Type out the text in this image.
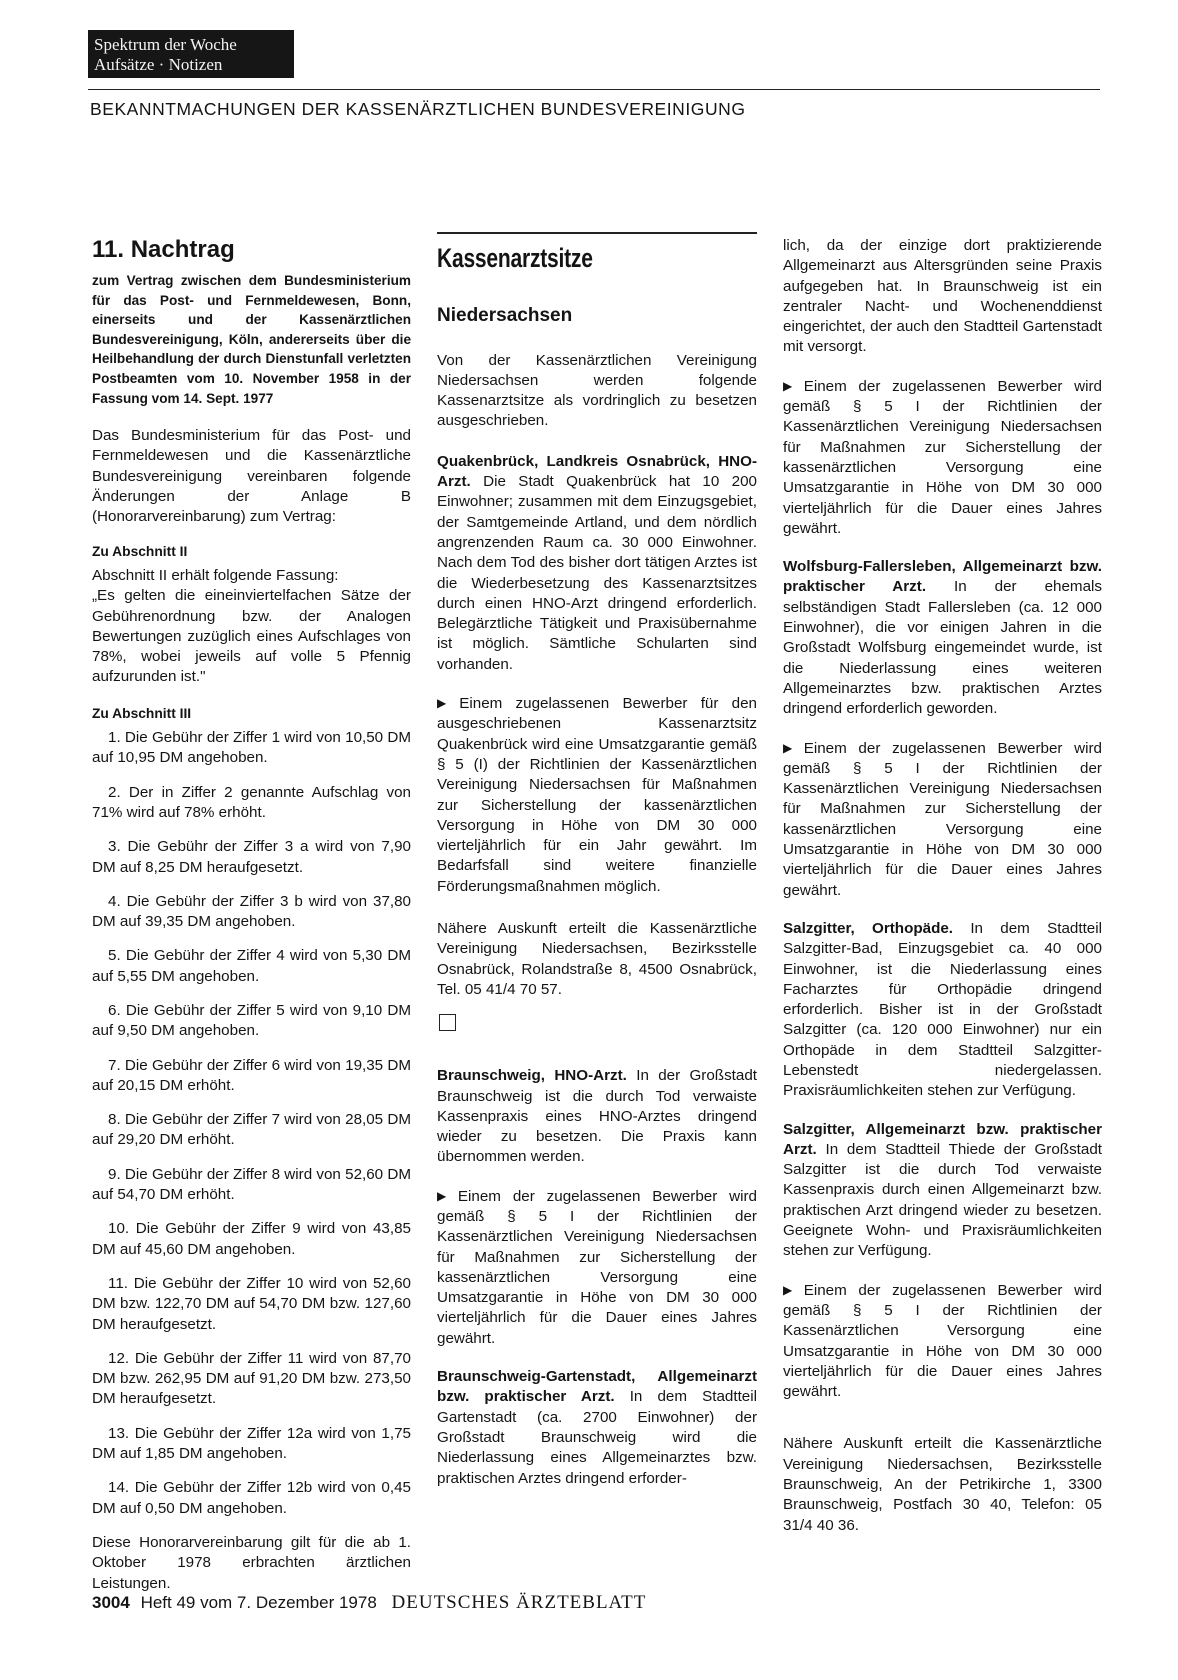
Spektrum der Woche
Aufsätze · Notizen
BEKANNTMACHUNGEN DER KASSENÄRZTLICHEN BUNDESVEREINIGUNG
11. Nachtrag
zum Vertrag zwischen dem Bundesministerium für das Post- und Fernmeldewesen, Bonn, einerseits und der Kassenärztlichen Bundesvereinigung, Köln, andererseits über die Heilbehandlung der durch Dienstunfall verletzten Postbeamten vom 10. November 1958 in der Fassung vom 14. Sept. 1977

Das Bundesministerium für das Post- und Fernmeldewesen und die Kassenärztliche Bundesvereinigung vereinbaren folgende Änderungen der Anlage B (Honorarvereinbarung) zum Vertrag:

Zu Abschnitt II
Abschnitt II erhält folgende Fassung:

„Es gelten die eineinviertelfachen Sätze der Gebührenordnung bzw. der Analogen Bewertungen zuzüglich eines Aufschlages von 78%, wobei jeweils auf volle 5 Pfennig aufzurunden ist."

Zu Abschnitt III

1. Die Gebühr der Ziffer 1 wird von 10,50 DM auf 10,95 DM angehoben.

2. Der in Ziffer 2 genannte Aufschlag von 71% wird auf 78% erhöht.

3. Die Gebühr der Ziffer 3 a wird von 7,90 DM auf 8,25 DM heraufgesetzt.

4. Die Gebühr der Ziffer 3 b wird von 37,80 DM auf 39,35 DM angehoben.

5. Die Gebühr der Ziffer 4 wird von 5,30 DM auf 5,55 DM angehoben.

6. Die Gebühr der Ziffer 5 wird von 9,10 DM auf 9,50 DM angehoben.

7. Die Gebühr der Ziffer 6 wird von 19,35 DM auf 20,15 DM erhöht.

8. Die Gebühr der Ziffer 7 wird von 28,05 DM auf 29,20 DM erhöht.

9. Die Gebühr der Ziffer 8 wird von 52,60 DM auf 54,70 DM erhöht.

10. Die Gebühr der Ziffer 9 wird von 43,85 DM auf 45,60 DM angehoben.

11. Die Gebühr der Ziffer 10 wird von 52,60 DM bzw. 122,70 DM auf 54,70 DM bzw. 127,60 DM heraufgesetzt.

12. Die Gebühr der Ziffer 11 wird von 87,70 DM bzw. 262,95 DM auf 91,20 DM bzw. 273,50 DM heraufgesetzt.

13. Die Gebühr der Ziffer 12a wird von 1,75 DM auf 1,85 DM angehoben.

14. Die Gebühr der Ziffer 12b wird von 0,45 DM auf 0,50 DM angehoben.

Diese Honorarvereinbarung gilt für die ab 1. Oktober 1978 erbrachten ärztlichen Leistungen.

Kassenarztsitze
Niedersachsen

Von der Kassenärztlichen Vereinigung Niedersachsen werden folgende Kassenarztsitze als vordringlich zu besetzen ausgeschrieben.

Quakenbrück, Landkreis Osnabrück, HNO-Arzt. Die Stadt Quakenbrück hat 10 200 Einwohner; zusammen mit dem Einzugsgebiet, der Samtgemeinde Artland, und dem nördlich angrenzenden Raum ca. 30 000 Einwohner. Nach dem Tod des bisher dort tätigen Arztes ist die Wiederbesetzung des Kassenarztsitzes durch einen HNO-Arzt dringend erforderlich. Belegärztliche Tätigkeit und Praxisübernahme ist möglich. Sämtliche Schularten sind vorhanden.

▶ Einem zugelassenen Bewerber für den ausgeschriebenen Kassenarztsitz Quakenbrück wird eine Umsatzgarantie gemäß § 5 (I) der Richtlinien der Kassenärztlichen Vereinigung Niedersachsen für Maßnahmen zur Sicherstellung der kassenärztlichen Versorgung in Höhe von DM 30 000 vierteljährlich für ein Jahr gewährt. Im Bedarfsfall sind weitere finanzielle Förderungsmaßnahmen möglich.

Nähere Auskunft erteilt die Kassenärztliche Vereinigung Niedersachsen, Bezirksstelle Osnabrück, Rolandstraße 8, 4500 Osnabrück, Tel. 05 41/4 70 57.

Braunschweig, HNO-Arzt. In der Großstadt Braunschweig ist die durch Tod verwaiste Kassenpraxis eines HNO-Arztes dringend wieder zu besetzen. Die Praxis kann übernommen werden.

▶ Einem der zugelassenen Bewerber wird gemäß § 5 I der Richtlinien der Kassenärztlichen Vereinigung Niedersachsen für Maßnahmen zur Sicherstellung der kassenärztlichen Versorgung eine Umsatzgarantie in Höhe von DM 30 000 vierteljährlich für die Dauer eines Jahres gewährt.

Braunschweig-Gartenstadt, Allgemeinarzt bzw. praktischer Arzt. In dem Stadtteil Gartenstadt (ca. 2700 Einwohner) der Großstadt Braunschweig wird die Niederlassung eines Allgemeinarztes bzw. praktischen Arztes dringend erforder-

lich, da der einzige dort praktizierende Allgemeinarzt aus Altersgründen seine Praxis aufgegeben hat. In Braunschweig ist ein zentraler Nacht- und Wochenenddienst eingerichtet, der auch den Stadtteil Gartenstadt mit versorgt.

▶ Einem der zugelassenen Bewerber wird gemäß § 5 I der Richtlinien der Kassenärztlichen Vereinigung Niedersachsen für Maßnahmen zur Sicherstellung der kassenärztlichen Versorgung eine Umsatzgarantie in Höhe von DM 30 000 vierteljährlich für die Dauer eines Jahres gewährt.

Wolfsburg-Fallersleben, Allgemeinarzt bzw. praktischer Arzt. In der ehemals selbständigen Stadt Fallersleben (ca. 12 000 Einwohner), die vor einigen Jahren in die Großstadt Wolfsburg eingemeindet wurde, ist die Niederlassung eines weiteren Allgemeinarztes bzw. praktischen Arztes dringend erforderlich geworden.

▶ Einem der zugelassenen Bewerber wird gemäß § 5 I der Richtlinien der Kassenärztlichen Vereinigung Niedersachsen für Maßnahmen zur Sicherstellung der kassenärztlichen Versorgung eine Umsatzgarantie in Höhe von DM 30 000 vierteljährlich für die Dauer eines Jahres gewährt.

Salzgitter, Orthopäde. In dem Stadtteil Salzgitter-Bad, Einzugsgebiet ca. 40 000 Einwohner, ist die Niederlassung eines Facharztes für Orthopädie dringend erforderlich. Bisher ist in der Großstadt Salzgitter (ca. 120 000 Einwohner) nur ein Orthopäde in dem Stadtteil Salzgitter-Lebenstedt niedergelassen. Praxisräumlichkeiten stehen zur Verfügung.

Salzgitter, Allgemeinarzt bzw. praktischer Arzt. In dem Stadtteil Thiede der Großstadt Salzgitter ist die durch Tod verwaiste Kassenpraxis durch einen Allgemeinarzt bzw. praktischen Arzt dringend wieder zu besetzen. Geeignete Wohn- und Praxisräumlichkeiten stehen zur Verfügung.

▶ Einem der zugelassenen Bewerber wird gemäß § 5 I der Richtlinien der Kassenärztlichen Versorgung eine Umsatzgarantie in Höhe von DM 30 000 vierteljährlich für die Dauer eines Jahres gewährt.

Nähere Auskunft erteilt die Kassenärztliche Vereinigung Niedersachsen, Bezirksstelle Braunschweig, An der Petrikirche 1, 3300 Braunschweig, Postfach 30 40, Telefon: 05 31/4 40 36.

3004 Heft 49 vom 7. Dezember 1978 DEUTSCHES ÄRZTEBLATT
